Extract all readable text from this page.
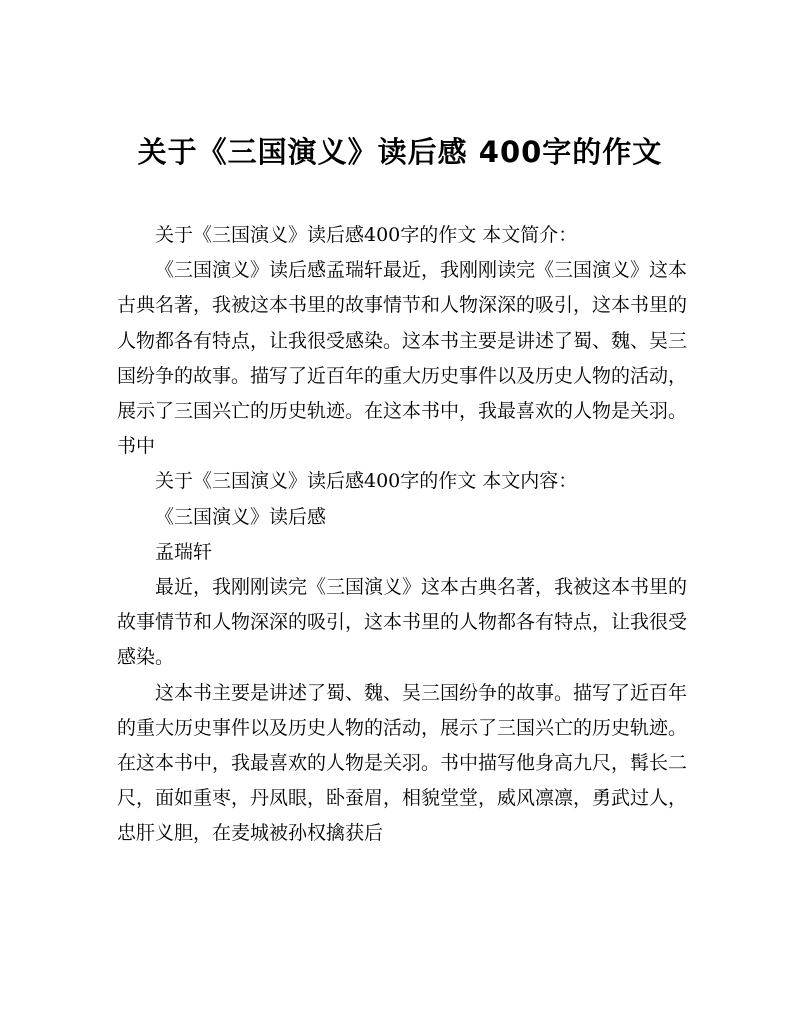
关于《三国演义》读后感 400字的作文

关于《三国演义》读后感400字的作文 本文简介：

《三国演义》读后感孟瑞轩最近，我刚刚读完《三国演义》这本古典名著，我被这本书里的故事情节和人物深深的吸引，这本书里的人物都各有特点，让我很受感染。这本书主要是讲述了蜀、魏、吴三国纷争的故事。描写了近百年的重大历史事件以及历史人物的活动，展示了三国兴亡的历史轨迹。在这本书中，我最喜欢的人物是关羽。书中

关于《三国演义》读后感400字的作文 本文内容：

《三国演义》读后感

孟瑞轩

最近，我刚刚读完《三国演义》这本古典名著，我被这本书里的故事情节和人物深深的吸引，这本书里的人物都各有特点，让我很受感染。

这本书主要是讲述了蜀、魏、吴三国纷争的故事。描写了近百年的重大历史事件以及历史人物的活动，展示了三国兴亡的历史轨迹。在这本书中，我最喜欢的人物是关羽。书中描写他身高九尺，髯长二尺，面如重枣，丹凤眼，卧蚕眉，相貌堂堂，威风凛凛，勇武过人，忠肝义胆，在麦城被孙权擒获后
